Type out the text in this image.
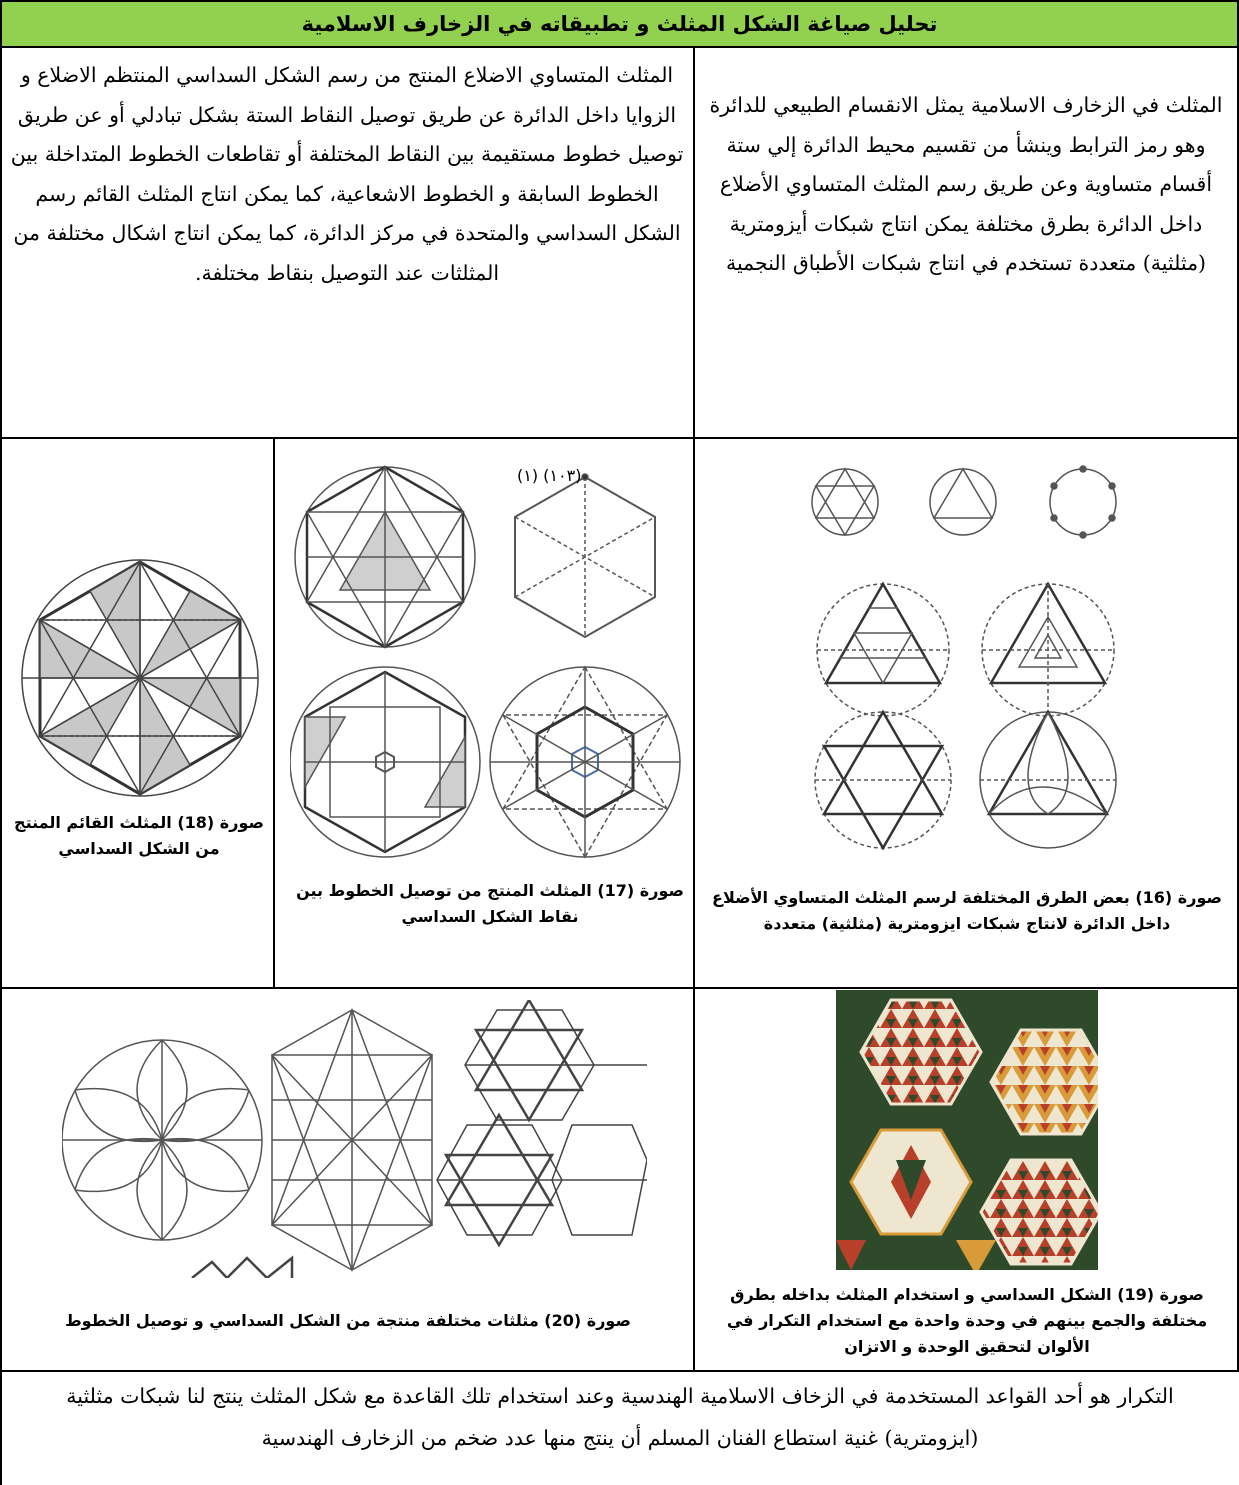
تحليل صياغة الشكل المثلث و تطبيقاته في الزخارف الاسلامية
المثلث في الزخارف الاسلامية يمثل الانقسام الطبيعي للدائرة وهو رمز الترابط وينشأ من تقسيم محيط الدائرة إلي ستة أقسام متساوية وعن طريق رسم المثلث المتساوي الأضلاع داخل الدائرة بطرق مختلفة يمكن انتاج شبكات أيزومترية (مثلثية) متعددة تستخدم في انتاج شبكات الأطباق النجمية
المثلث المتساوي الاضلاع المنتج من رسم الشكل السداسي المنتظم الاضلاع و الزوايا داخل الدائرة عن طريق توصيل النقاط الستة بشكل تبادلي أو عن طريق توصيل خطوط مستقيمة بين النقاط المختلفة أو تقاطعات الخطوط المتداخلة بين الخطوط السابقة و الخطوط الاشعاعية، كما يمكن انتاج المثلث القائم رسم الشكل السداسي والمتحدة في مركز الدائرة، كما يمكن انتاج اشكال مختلفة من المثلثات عند التوصيل بنقاط مختلفة.
صورة (16) بعض الطرق المختلفة لرسم المثلث المتساوي الأضلاع داخل الدائرة لانتاج شبكات ايزومترية (مثلثية) متعددة
(١٠٣) (١)
صورة (17) المثلث المنتج من توصيل الخطوط بين نقاط الشكل السداسي
صورة (18) المثلث القائم المنتج من الشكل السداسي
صورة (19) الشكل السداسي و استخدام المثلث بداخله بطرق مختلفة والجمع بينهم في وحدة واحدة مع استخدام التكرار في الألوان لتحقيق الوحدة و الاتزان
صورة (20) مثلثات مختلفة منتجة من الشكل السداسي و توصيل الخطوط
التكرار هو أحد القواعد المستخدمة في الزخاف الاسلامية الهندسية وعند استخدام تلك القاعدة مع شكل المثلث ينتج لنا شبكات مثلثية (ايزومترية) غنية استطاع الفنان المسلم أن ينتج منها عدد ضخم من الزخارف الهندسية
